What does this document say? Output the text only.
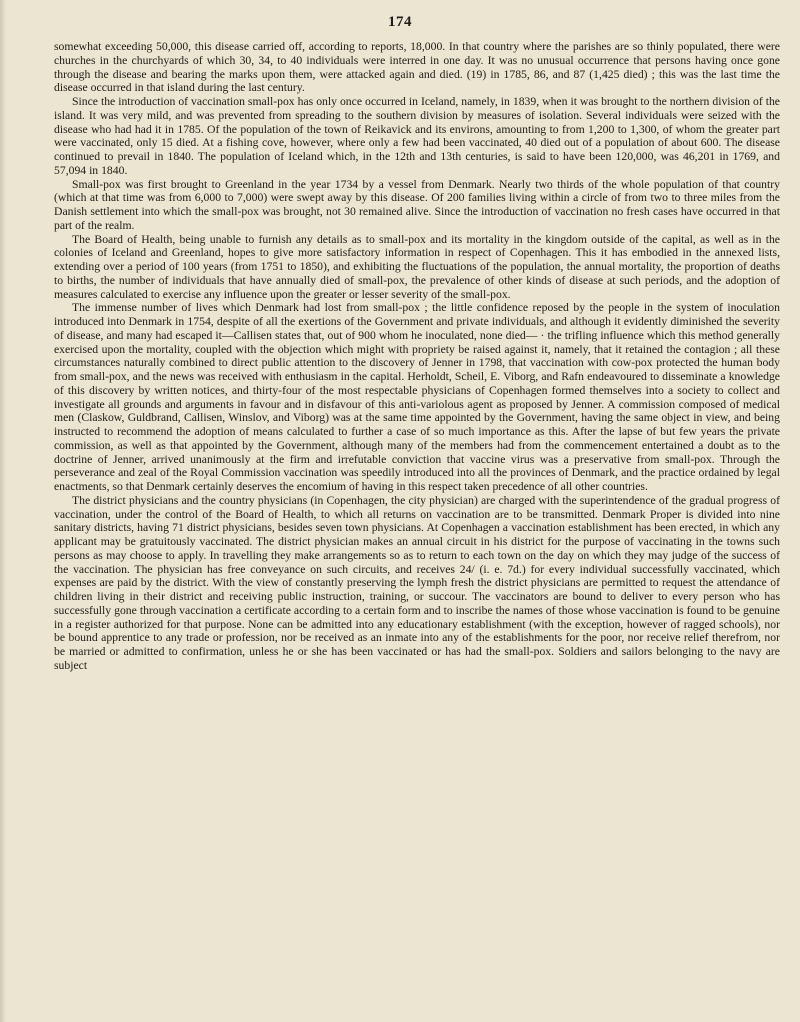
174

somewhat exceeding 50,000, this disease carried off, according to reports, 18,000. In that country where the parishes are so thinly populated, there were churches in the churchyards of which 30, 34, to 40 individuals were interred in one day. It was no unusual occurrence that persons having once gone through the disease and bearing the marks upon them, were attacked again and died. (19) in 1785, 86, and 87 (1,425 died) ; this was the last time the disease occurred in that island during the last century.

Since the introduction of vaccination small-pox has only once occurred in Iceland, namely, in 1839, when it was brought to the northern division of the island. It was very mild, and was prevented from spreading to the southern division by measures of isolation. Several individuals were seized with the disease who had had it in 1785. Of the population of the town of Reikavick and its environs, amounting to from 1,200 to 1,300, of whom the greater part were vaccinated, only 15 died. At a fishing cove, however, where only a few had been vaccinated, 40 died out of a population of about 600. The disease continued to prevail in 1840. The population of Iceland which, in the 12th and 13th centuries, is said to have been 120,000, was 46,201 in 1769, and 57,094 in 1840.

Small-pox was first brought to Greenland in the year 1734 by a vessel from Denmark. Nearly two thirds of the whole population of that country (which at that time was from 6,000 to 7,000) were swept away by this disease. Of 200 families living within a circle of from two to three miles from the Danish settlement into which the small-pox was brought, not 30 remained alive. Since the introduction of vaccination no fresh cases have occurred in that part of the realm.

The Board of Health, being unable to furnish any details as to small-pox and its mortality in the kingdom outside of the capital, as well as in the colonies of Iceland and Greenland, hopes to give more satisfactory information in respect of Copenhagen. This it has embodied in the annexed lists, extending over a period of 100 years (from 1751 to 1850), and exhibiting the fluctuations of the population, the annual mortality, the proportion of deaths to births, the number of individuals that have annually died of small-pox, the prevalence of other kinds of disease at such periods, and the adoption of measures calculated to exercise any influence upon the greater or lesser severity of the small-pox.

The immense number of lives which Denmark had lost from small-pox ; the little confidence reposed by the people in the system of inoculation introduced into Denmark in 1754, despite of all the exertions of the Government and private individuals, and although it evidently diminished the severity of disease, and many had escaped it—Callisen states that, out of 900 whom he inoculated, none died— · the trifling influence which this method generally exercised upon the mortality, coupled with the objection which might with propriety be raised against it, namely, that it retained the contagion ; all these circumstances naturally combined to direct public attention to the discovery of Jenner in 1798, that vaccination with cow-pox protected the human body from small-pox, and the news was received with enthusiasm in the capital. Herholdt, Scheil, E. Viborg, and Rafn endeavoured to disseminate a knowledge of this discovery by written notices, and thirty-four of the most respectable physicians of Copenhagen formed themselves into a society to collect and investigate all grounds and arguments in favour and in disfavour of this anti-variolous agent as proposed by Jenner. A commission composed of medical men (Claskow, Guldbrand, Callisen, Winslov, and Viborg) was at the same time appointed by the Government, having the same object in view, and being instructed to recommend the adoption of means calculated to further a case of so much importance as this. After the lapse of but few years the private commission, as well as that appointed by the Government, although many of the members had from the commencement entertained a doubt as to the doctrine of Jenner, arrived unanimously at the firm and irrefutable conviction that vaccine virus was a preservative from small-pox. Through the perseverance and zeal of the Royal Commission vaccination was speedily introduced into all the provinces of Denmark, and the practice ordained by legal enactments, so that Denmark certainly deserves the encomium of having in this respect taken precedence of all other countries.

The district physicians and the country physicians (in Copenhagen, the city physician) are charged with the superintendence of the gradual progress of vaccination, under the control of the Board of Health, to which all returns on vaccination are to be transmitted. Denmark Proper is divided into nine sanitary districts, having 71 district physicians, besides seven town physicians. At Copenhagen a vaccination establishment has been erected, in which any applicant may be gratuitously vaccinated. The district physician makes an annual circuit in his district for the purpose of vaccinating in the towns such persons as may choose to apply. In travelling they make arrangements so as to return to each town on the day on which they may judge of the success of the vaccination. The physician has free conveyance on such circuits, and receives 24/ (i. e. 7d.) for every individual successfully vaccinated, which expenses are paid by the district. With the view of constantly preserving the lymph fresh the district physicians are permitted to request the attendance of children living in their district and receiving public instruction, training, or succour. The vaccinators are bound to deliver to every person who has successfully gone through vaccination a certificate according to a certain form and to inscribe the names of those whose vaccination is found to be genuine in a register authorized for that purpose. None can be admitted into any educationary establishment (with the exception, however of ragged schools), nor be bound apprentice to any trade or profession, nor be received as an inmate into any of the establishments for the poor, nor receive relief therefrom, nor be married or admitted to confirmation, unless he or she has been vaccinated or has had the small-pox. Soldiers and sailors belonging to the navy are subject
